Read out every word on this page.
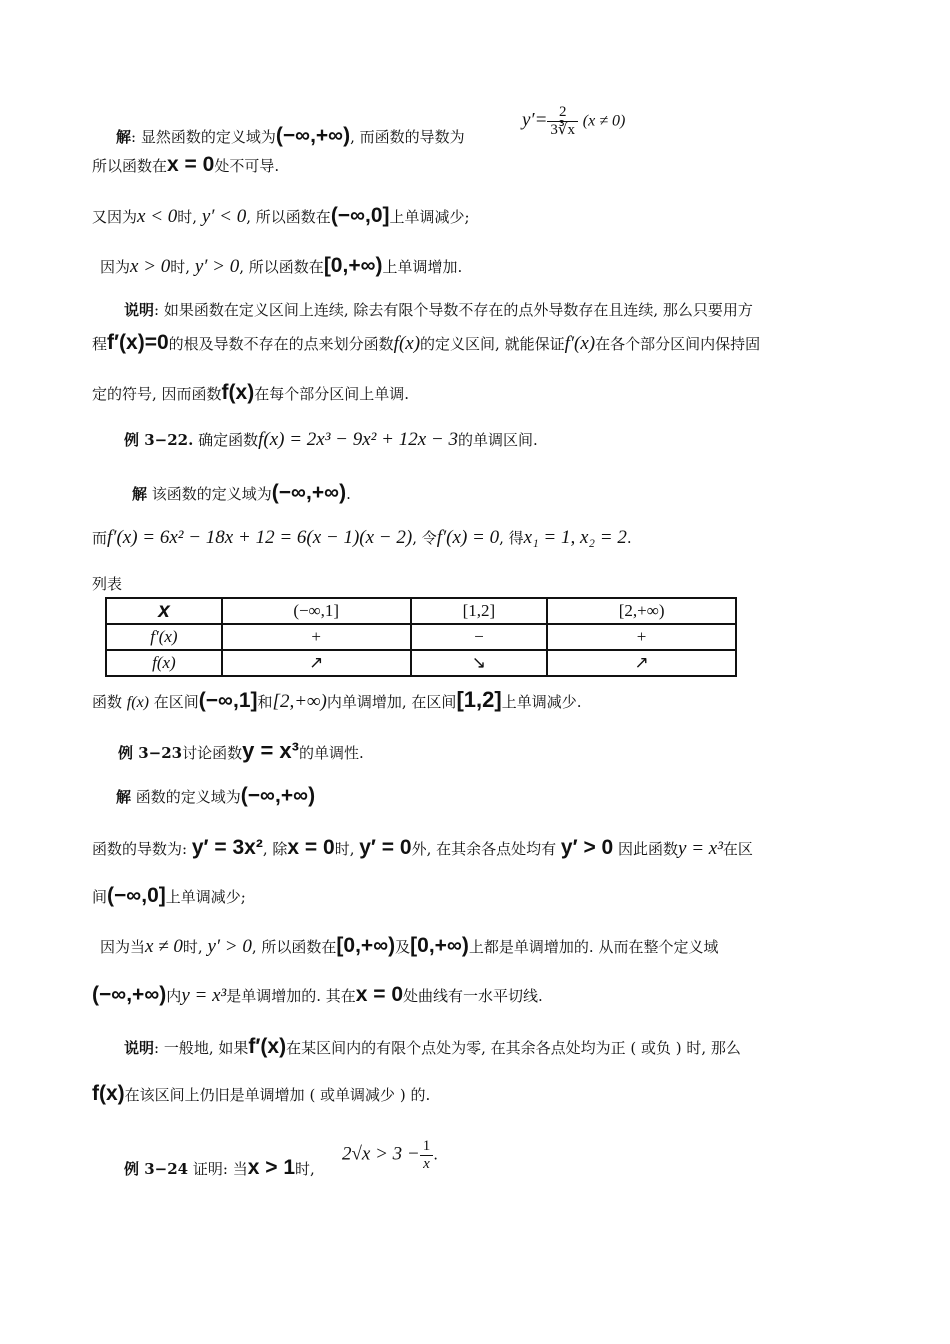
解: 显然函数的定义域为(−∞,+∞), 而函数的导数为
$y'= \frac{2}{3∛x} (x \ne 0)$
所以函数在x = 0处不可导.
又因为x < 0时, y′ < 0, 所以函数在(−∞,0]上单调减少;
因为x > 0时, y′ > 0, 所以函数在[0,+∞)上单调增加.
说明: 如果函数在定义区间上连续, 除去有限个导数不存在的点外导数存在且连续, 那么只要用方
程f′(x)=0的根及导数不存在的点来划分函数f(x)的定义区间, 就能保证f′(x)在各个部分区间内保持固
定的符号, 因而函数f(x)在每个部分区间上单调.
例 3−22. 确定函数f(x) = 2x³ − 9x² + 12x − 3的单调区间.
解 该函数的定义域为(−∞,+∞).
而f′(x) = 6x² − 18x + 12 = 6(x − 1)(x − 2), 令f′(x) = 0, 得x₁ = 1, x₂ = 2.
列表
x	(−∞,1]	[1,2]	[2,+∞)
f′(x)	+	−	+
f(x)	↗	↘	↗
函数 f(x) 在区间(−∞,1]和[2,+∞)内单调增加, 在区间[1,2]上单调减少.
例 3−23讨论函数y = x³的单调性.
解 函数的定义域为(−∞,+∞)
函数的导数为: y′ = 3x², 除x = 0时, y′ = 0外, 在其余各点处均有 y′ > 0 因此函数y = x³在区
间(−∞,0]上单调减少;
因为当x ≠ 0时, y′ > 0, 所以函数在[0,+∞)及[0,+∞)上都是单调增加的. 从而在整个定义域
(−∞,+∞)内y = x³是单调增加的. 其在x = 0处曲线有一水平切线.
说明: 一般地, 如果f′(x)在某区间内的有限个点处为零, 在其余各点处均为正 ( 或负 ) 时, 那么
f(x)在该区间上仍旧是单调增加 ( 或单调减少 ) 的.
例 3−24 证明: 当x > 1时,
$2√x > 3 - \frac{1}{x}$ .
